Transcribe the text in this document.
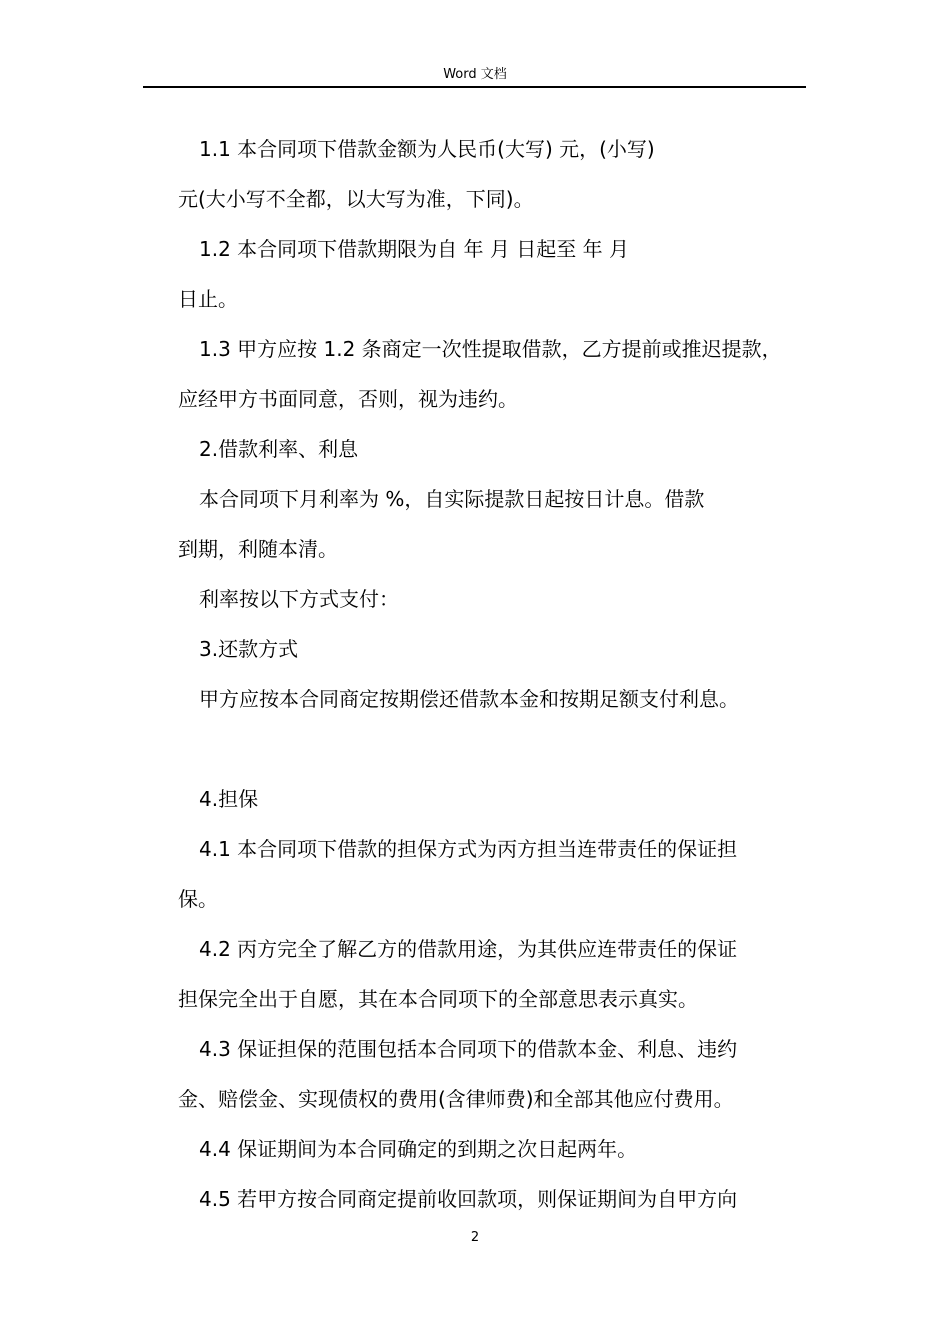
Word 文档

1.1 本合同项下借款金额为人民币(大写) 元，(小写)

元(大小写不全都，以大写为准，下同)。

1.2 本合同项下借款期限为自 年 月 日起至 年 月

日止。

1.3 甲方应按 1.2 条商定一次性提取借款，乙方提前或推迟提款，

应经甲方书面同意，否则，视为违约。

2.借款利率、利息

本合同项下月利率为 %，自实际提款日起按日计息。借款

到期，利随本清。

利率按以下方式支付：

3.还款方式

甲方应按本合同商定按期偿还借款本金和按期足额支付利息。

4.担保

4.1 本合同项下借款的担保方式为丙方担当连带责任的保证担

保。

4.2 丙方完全了解乙方的借款用途，为其供应连带责任的保证

担保完全出于自愿，其在本合同项下的全部意思表示真实。

4.3 保证担保的范围包括本合同项下的借款本金、利息、违约

金、赔偿金、实现债权的费用(含律师费)和全部其他应付费用。

4.4 保证期间为本合同确定的到期之次日起两年。

4.5 若甲方按合同商定提前收回款项，则保证期间为自甲方向

2
